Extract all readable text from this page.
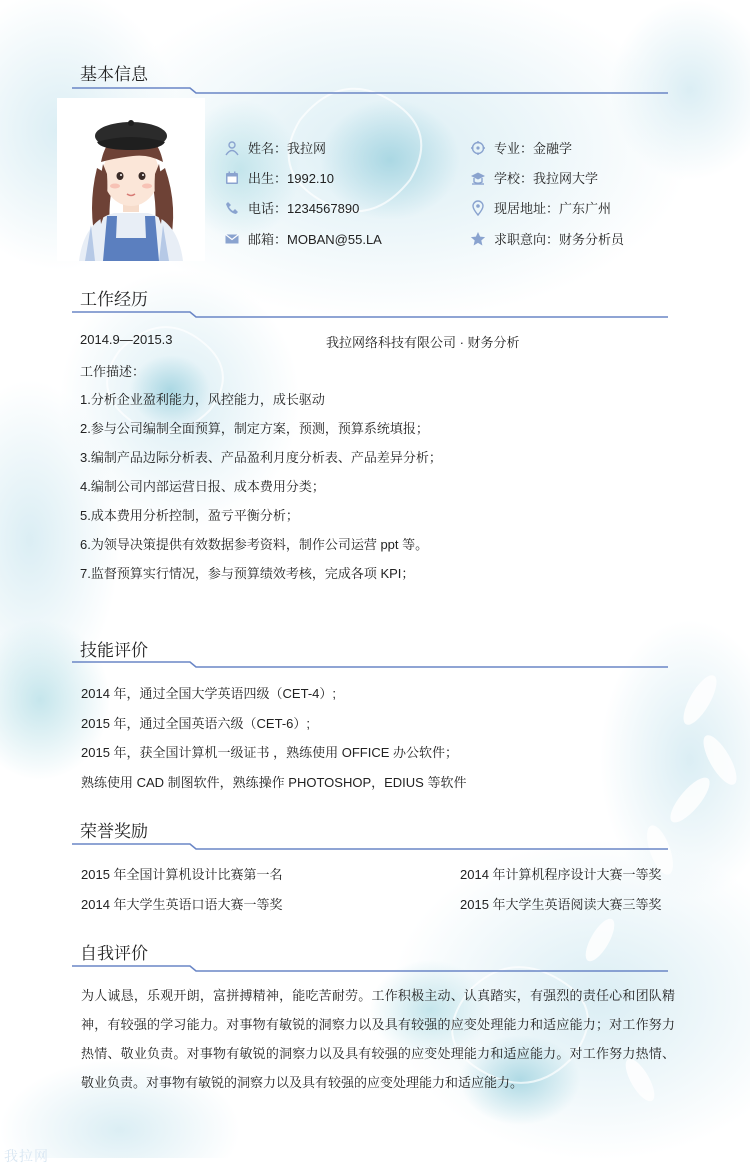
基本信息
姓名：我拉网
出生：1992.10
电话：1234567890
邮箱：MOBAN@55.LA
专业：金融学
学校：我拉网大学
现居地址：广东广州
求职意向：财务分析员
工作经历
2014.9—2015.3	我拉网络科技有限公司 · 财务分析
工作描述：
1.分析企业盈利能力，风控能力，成长驱动
2.参与公司编制全面预算，制定方案，预测，预算系统填报；
3.编制产品边际分析表、产品盈利月度分析表、产品差异分析；
4.编制公司内部运营日报、成本费用分类；
5.成本费用分析控制，盈亏平衡分析；
6.为领导决策提供有效数据参考资料，制作公司运营 ppt 等。
7.监督预算实行情况，参与预算绩效考核，完成各项 KPI；
技能评价
2014 年，通过全国大学英语四级（CET-4）;
2015 年，通过全国英语六级（CET-6）;
2015 年，获全国计算机一级证书 ，熟练使用 OFFICE 办公软件；
熟练使用 CAD 制图软件，熟练操作 PHOTOSHOP，EDIUS 等软件
荣誉奖励
2015 年全国计算机设计比赛第一名
2014 年大学生英语口语大赛一等奖
2014 年计算机程序设计大赛一等奖
2015 年大学生英语阅读大赛三等奖
自我评价
为人诚恳，乐观开朗，富拼搏精神，能吃苦耐劳。工作积极主动、认真踏实，有强烈的责任心和团队精神，有较强的学习能力。对事物有敏锐的洞察力以及具有较强的应变处理能力和适应能力；对工作努力热情、敬业负责。对事物有敏锐的洞察力以及具有较强的应变处理能力和适应能力。对工作努力热情、敬业负责。对事物有敏锐的洞察力以及具有较强的应变处理能力和适应能力。
我拉网
